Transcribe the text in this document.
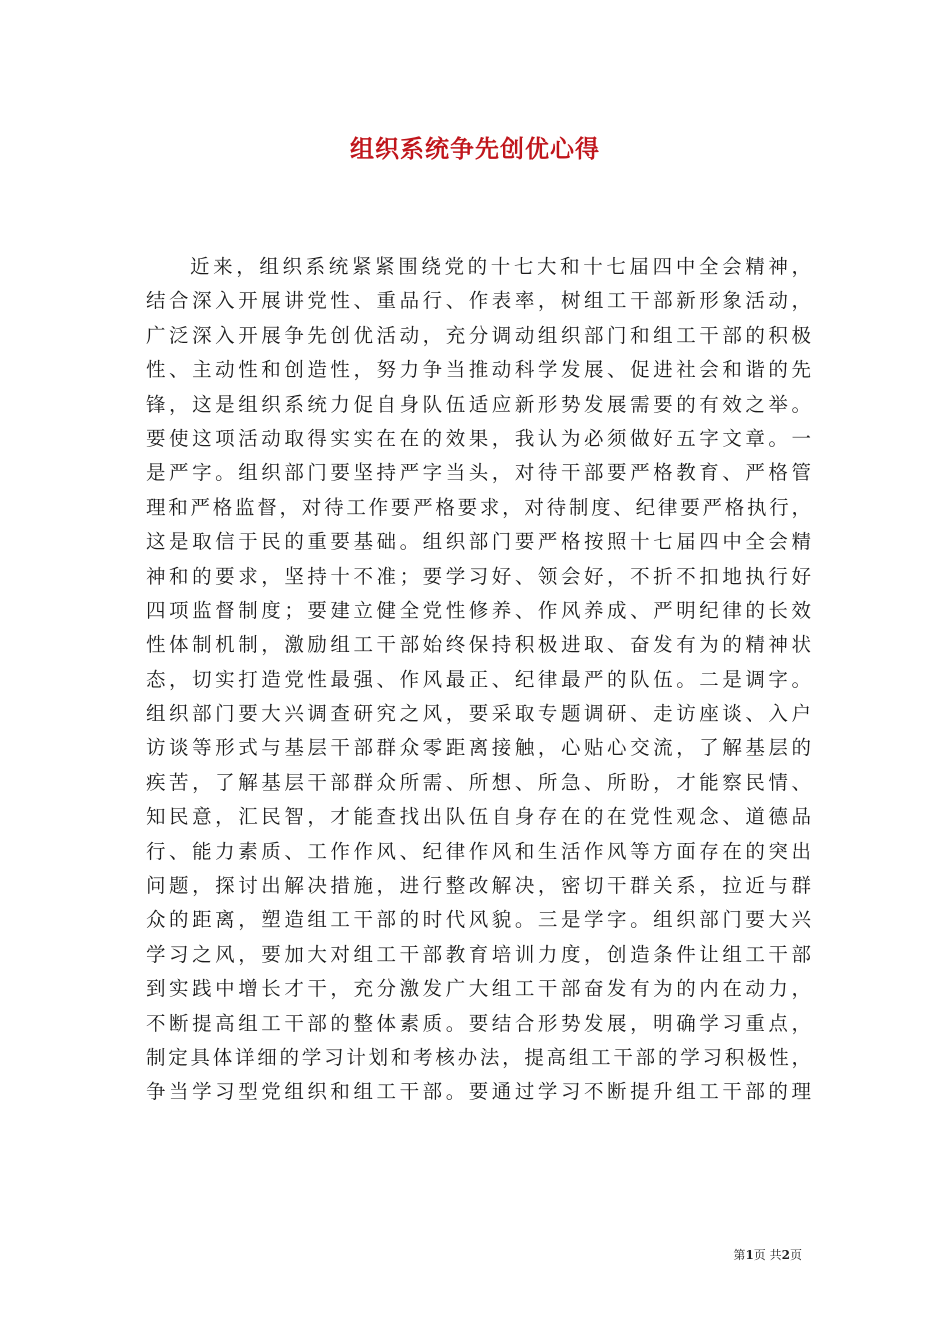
组织系统争先创优心得
近来，组织系统紧紧围绕党的十七大和十七届四中全会精神，
结合深入开展讲党性、重品行、作表率，树组工干部新形象活动，
广泛深入开展争先创优活动，充分调动组织部门和组工干部的积极
性、主动性和创造性，努力争当推动科学发展、促进社会和谐的先
锋，这是组织系统力促自身队伍适应新形势发展需要的有效之举。
要使这项活动取得实实在在的效果，我认为必须做好五字文章。一
是严字。组织部门要坚持严字当头，对待干部要严格教育、严格管
理和严格监督，对待工作要严格要求，对待制度、纪律要严格执行，
这是取信于民的重要基础。组织部门要严格按照十七届四中全会精
神和的要求，坚持十不准；要学习好、领会好，不折不扣地执行好
四项监督制度；要建立健全党性修养、作风养成、严明纪律的长效
性体制机制，激励组工干部始终保持积极进取、奋发有为的精神状
态，切实打造党性最强、作风最正、纪律最严的队伍。二是调字。
组织部门要大兴调查研究之风，要采取专题调研、走访座谈、入户
访谈等形式与基层干部群众零距离接触，心贴心交流，了解基层的
疾苦，了解基层干部群众所需、所想、所急、所盼，才能察民情、
知民意，汇民智，才能查找出队伍自身存在的在党性观念、道德品
行、能力素质、工作作风、纪律作风和生活作风等方面存在的突出
问题，探讨出解决措施，进行整改解决，密切干群关系，拉近与群
众的距离，塑造组工干部的时代风貌。三是学字。组织部门要大兴
学习之风，要加大对组工干部教育培训力度，创造条件让组工干部
到实践中增长才干，充分激发广大组工干部奋发有为的内在动力，
不断提高组工干部的整体素质。要结合形势发展，明确学习重点，
制定具体详细的学习计划和考核办法，提高组工干部的学习积极性，
争当学习型党组织和组工干部。要通过学习不断提升组工干部的理
第1页 共2页
